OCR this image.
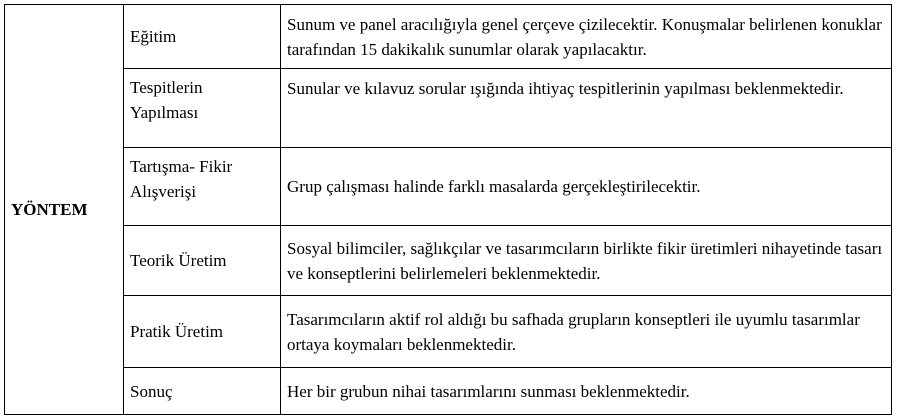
YÖNTEM	Eğitim	Sunum ve panel aracılığıyla genel çerçeve çizilecektir. Konuşmalar belirlenen konuklar tarafından 15 dakikalık sunumlar olarak yapılacaktır.
	Tespitlerin Yapılması	Sunular ve kılavuz sorular ışığında ihtiyaç tespitlerinin yapılması beklenmektedir.
	Tartışma- Fikir Alışverişi	Grup çalışması halinde farklı masalarda gerçekleştirilecektir.
	Teorik Üretim	Sosyal bilimciler, sağlıkçılar ve tasarımcıların birlikte fikir üretimleri nihayetinde tasarı ve konseptlerini belirlemeleri beklenmektedir.
	Pratik Üretim	Tasarımcıların aktif rol aldığı bu safhada grupların konseptleri ile uyumlu tasarımlar ortaya koymaları beklenmektedir.
	Sonuç	Her bir grubun nihai tasarımlarını sunması beklenmektedir.
